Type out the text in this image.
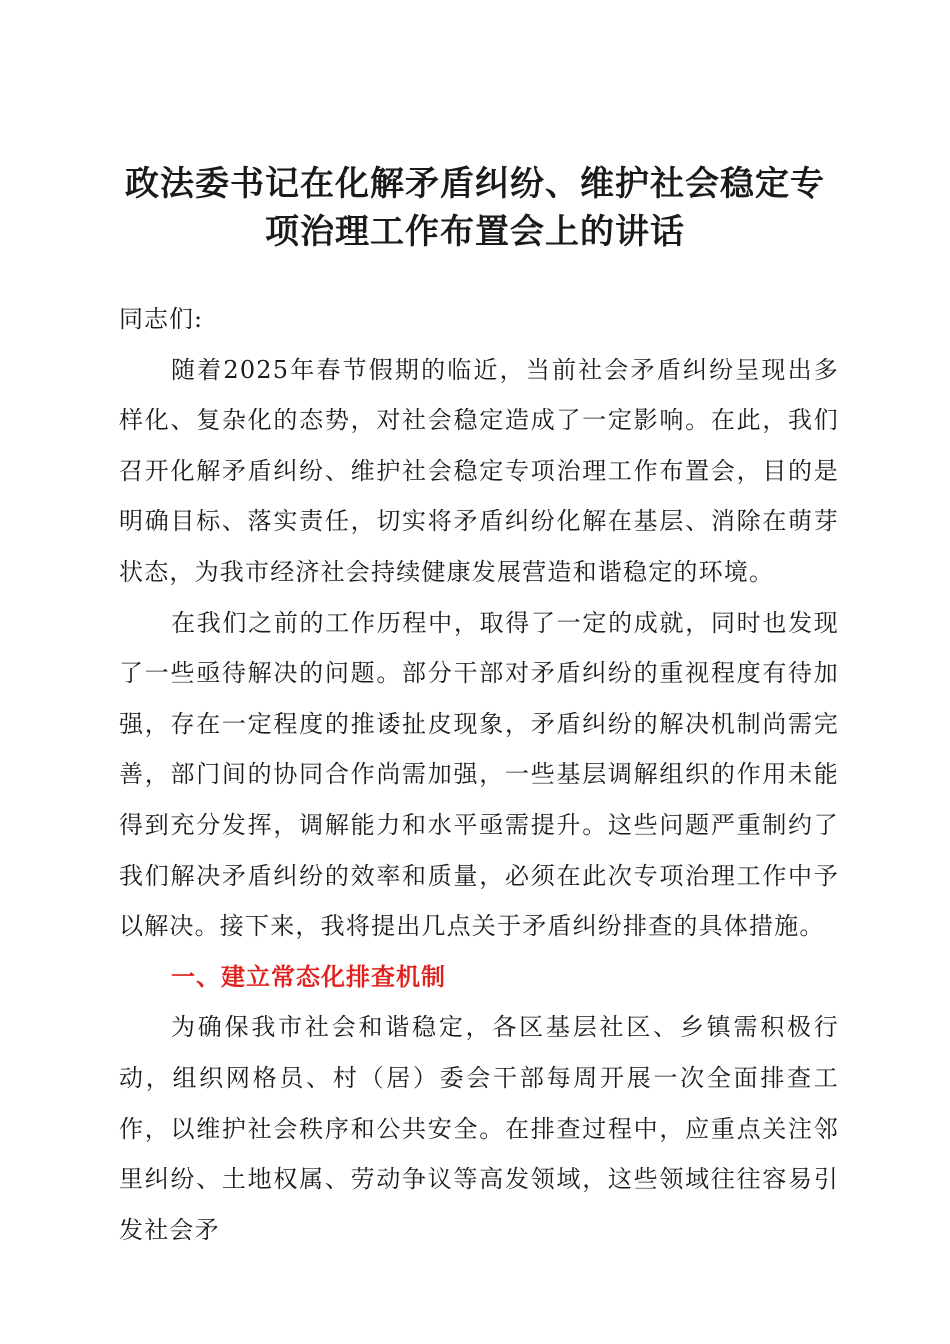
政法委书记在化解矛盾纠纷、维护社会稳定专
项治理工作布置会上的讲话

同志们:

随着2025年春节假期的临近，当前社会矛盾纠纷呈现出多样化、复杂化的态势，对社会稳定造成了一定影响。在此，我们召开化解矛盾纠纷、维护社会稳定专项治理工作布置会，目的是明确目标、落实责任，切实将矛盾纠纷化解在基层、消除在萌芽状态，为我市经济社会持续健康发展营造和谐稳定的环境。

在我们之前的工作历程中，取得了一定的成就，同时也发现了一些亟待解决的问题。部分干部对矛盾纠纷的重视程度有待加强，存在一定程度的推诿扯皮现象，矛盾纠纷的解决机制尚需完善，部门间的协同合作尚需加强，一些基层调解组织的作用未能得到充分发挥，调解能力和水平亟需提升。这些问题严重制约了我们解决矛盾纠纷的效率和质量，必须在此次专项治理工作中予以解决。接下来，我将提出几点关于矛盾纠纷排查的具体措施。

一、建立常态化排查机制

为确保我市社会和谐稳定，各区基层社区、乡镇需积极行动，组织网格员、村（居）委会干部每周开展一次全面排查工作，以维护社会秩序和公共安全。在排查过程中，应重点关注邻里纠纷、土地权属、劳动争议等高发领域，这些领域往往容易引发社会矛
